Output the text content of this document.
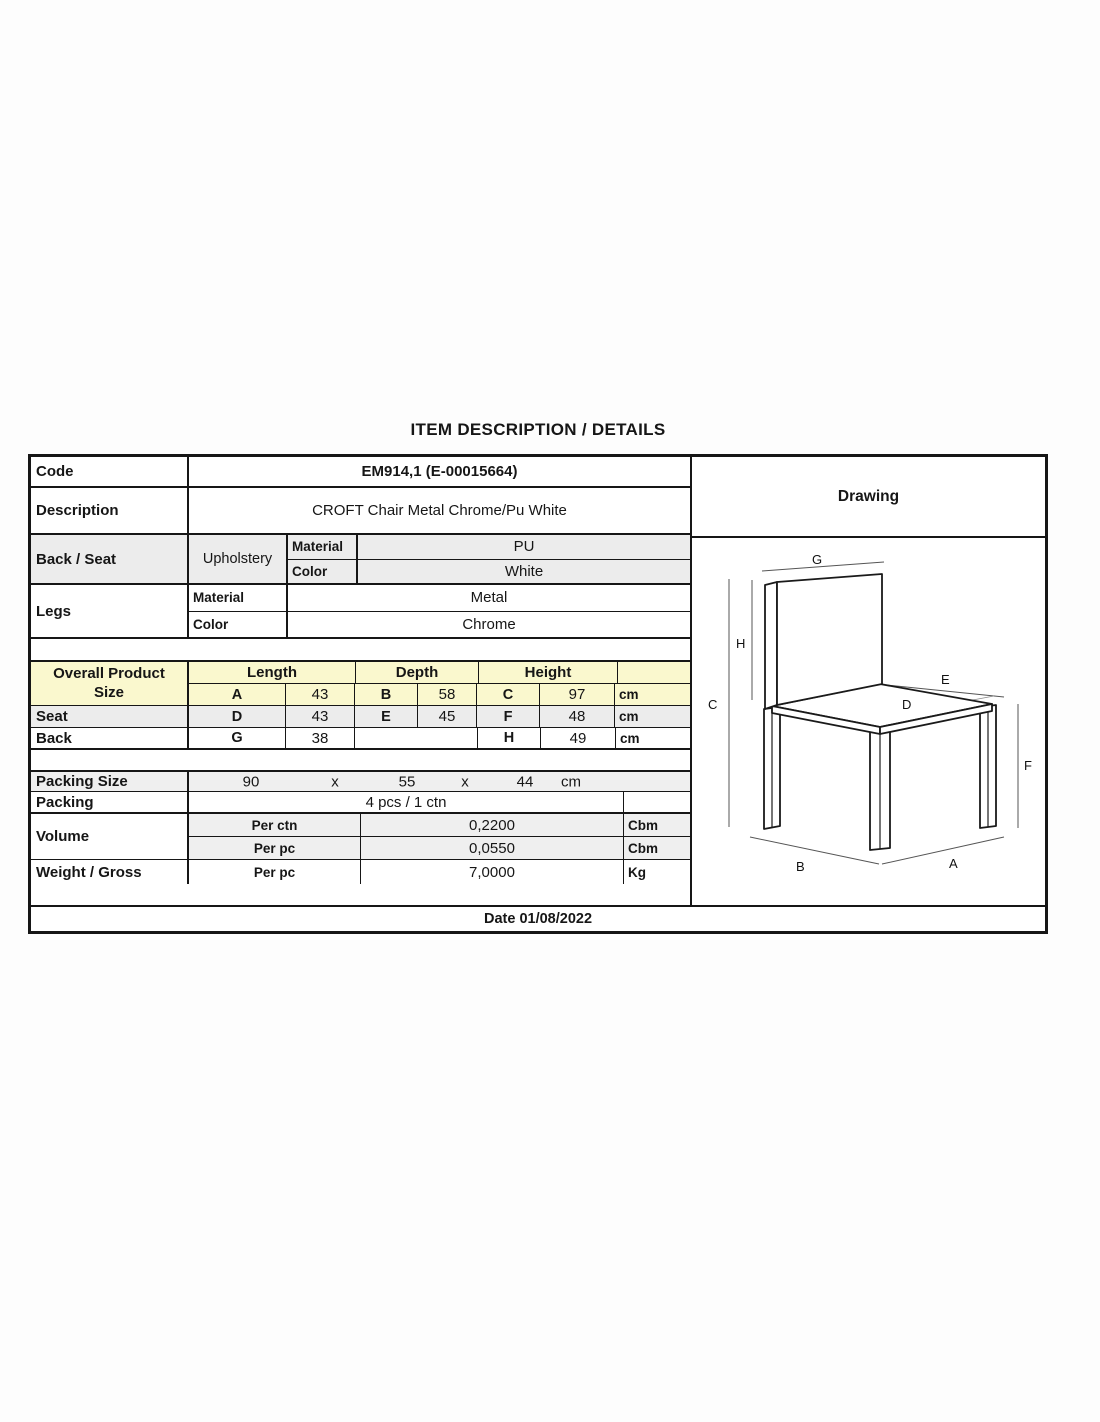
ITEM DESCRIPTION / DETAILS
Code	EM914,1 (E-00015664)
Description	CROFT Chair Metal Chrome/Pu White
Back / Seat	Upholstery
Material	PU
Color	White
Legs
Material	Metal
Color	Chrome
Overall Product
Size
Length	Depth	Height
A	43	B	58	C	97	cm
Seat	D	43	E	45	F	48	cm
Back	G	38	H	49	cm
Packing Size	90	x	55	x	44 cm
Packing	4 pcs / 1 ctn
Volume
Per ctn	0,2200	Cbm
Per pc	0,0550	Cbm
Weight / Gross	Per pc	7,0000	Kg
Drawing
G
H
C	D
E
F
B	A
Date 01/08/2022
